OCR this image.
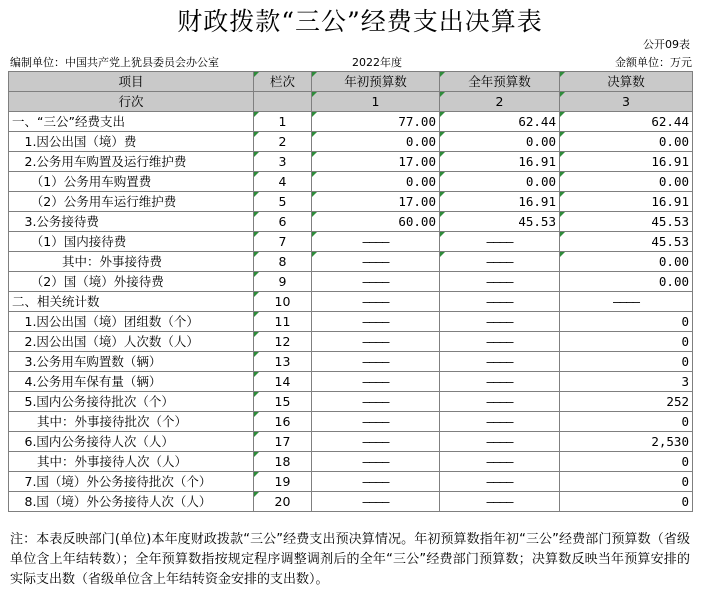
财政拨款“三公”经费支出决算表
公开09表
编制单位：中国共产党上犹县委员会办公室	2022年度	金额单位：万元
项目	栏次	年初预算数	全年预算数	决算数
行次		1	2	3
一、“三公”经费支出	1	77.00	62.44	62.44
　1.因公出国（境）费	2	0.00	0.00	0.00
　2.公务用车购置及运行维护费	3	17.00	16.91	16.91
　　（1）公务用车购置费	4	0.00	0.00	0.00
　　（2）公务用车运行维护费	5	17.00	16.91	16.91
　3.公务接待费	6	60.00	45.53	45.53
　　（1）国内接待费	7	————	————	45.53
　　　　其中：外事接待费	8	————	————	0.00
　　（2）国（境）外接待费	9	————	————	0.00
二、相关统计数	10	————	————	————
　1.因公出国（境）团组数（个）	11	————	————	0
　2.因公出国（境）人次数（人）	12	————	————	0
　3.公务用车购置数（辆）	13	————	————	0
　4.公务用车保有量（辆）	14	————	————	3
　5.国内公务接待批次（个）	15	————	————	252
　　其中：外事接待批次（个）	16	————	————	0
　6.国内公务接待人次（人）	17	————	————	2,530
　　其中：外事接待人次（人）	18	————	————	0
　7.国（境）外公务接待批次（个）	19	————	————	0
　8.国（境）外公务接待人次（人）	20	————	————	0
注：本表反映部门(单位)本年度财政拨款“三公”经费支出预决算情况。年初预算数指年初“三公”经费部门预算数（省级单位含上年结转数）；全年预算数指按规定程序调整调剂后的全年“三公”经费部门预算数；决算数反映当年预算安排的实际支出数（省级单位含上年结转资金安排的支出数）。
